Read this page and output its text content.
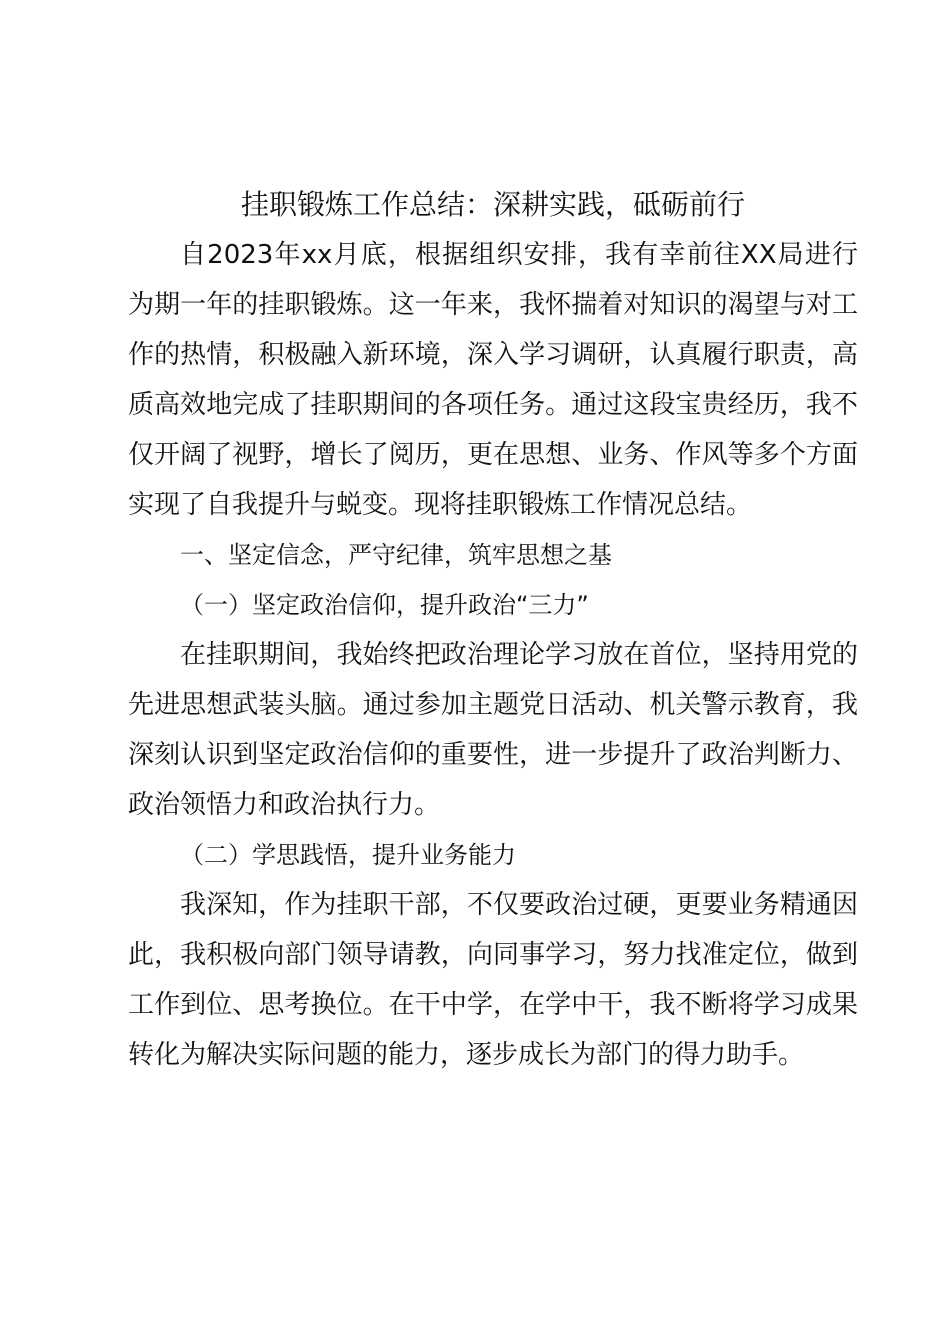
挂职锻炼工作总结：深耕实践，砥砺前行

自2023年xx月底，根据组织安排，我有幸前往XX局进行为期一年的挂职锻炼。这一年来，我怀揣着对知识的渴望与对工作的热情，积极融入新环境，深入学习调研，认真履行职责，高质高效地完成了挂职期间的各项任务。通过这段宝贵经历，我不仅开阔了视野，增长了阅历，更在思想、业务、作风等多个方面实现了自我提升与蜕变。现将挂职锻炼工作情况总结。

一、坚定信念，严守纪律，筑牢思想之基

（一）坚定政治信仰，提升政治“三力”

在挂职期间，我始终把政治理论学习放在首位，坚持用党的先进思想武装头脑。通过参加主题党日活动、机关警示教育，我深刻认识到坚定政治信仰的重要性，进一步提升了政治判断力、政治领悟力和政治执行力。

（二）学思践悟，提升业务能力

我深知，作为挂职干部，不仅要政治过硬，更要业务精通因此，我积极向部门领导请教，向同事学习，努力找准定位，做到工作到位、思考换位。在干中学，在学中干，我不断将学习成果转化为解决实际问题的能力，逐步成长为部门的得力助手。
